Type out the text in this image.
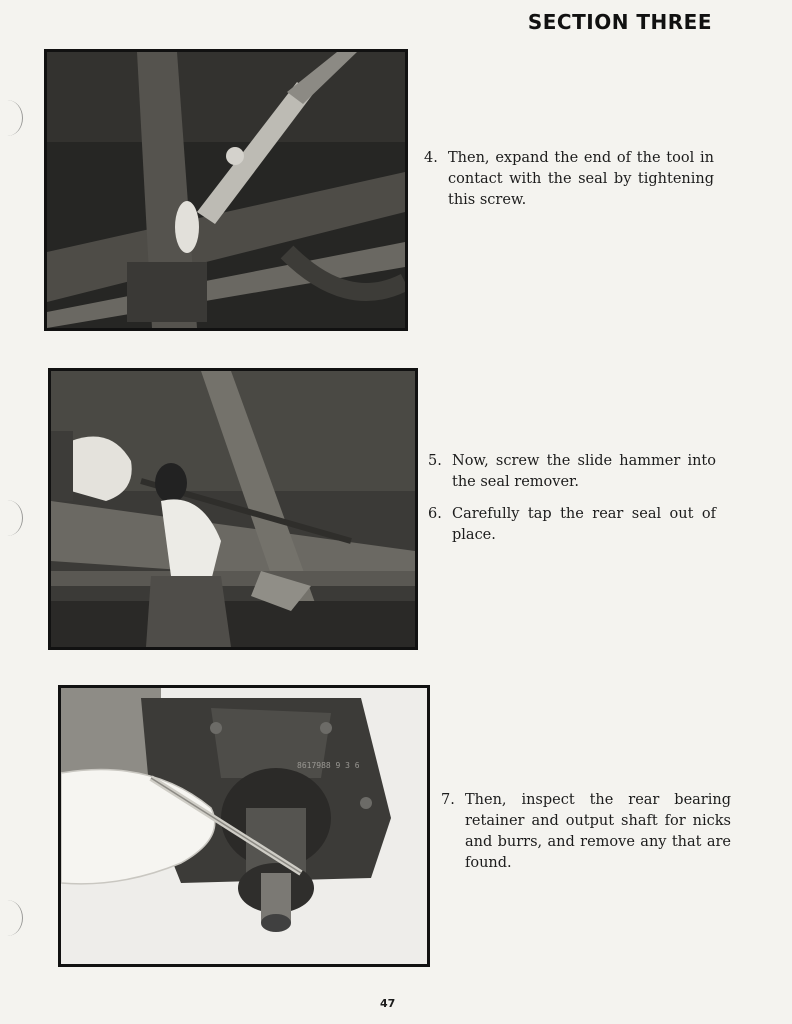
SECTION THREE
8617988 9 3 6
4. Then, expand the end of the tool in contact with the seal by tightening this screw.
5. Now, screw the slide hammer into the seal remover.
6. Carefully tap the rear seal out of place.
7. Then, inspect the rear bearing retainer and output shaft for nicks and burrs, and remove any that are found.
47
